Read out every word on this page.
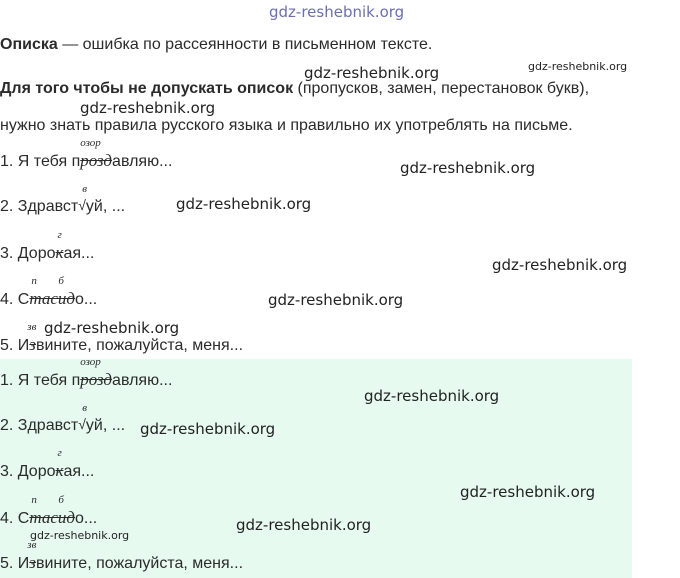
gdz-reshebnik.org
Описка — ошибка по рассеянности в письменном тексте.
Для того чтобы не допускать описок (пропусков, замен, перестановок букв),
нужно знать правила русского языка и правильно их употреблять на письме.
1. Я тебя п
озор
роздавляю...
2. Здравст
в
√уй, ...
3. Доро
г
кая...
4. С
п б
тасидо...
5. И
зв
звините, пожалуйста, меня...
1. Я тебя п
озор
роздавляю...
2. Здравст
в
√уй, ...
3. Доро
г
кая...
4. С
п б
тасидо...
5. И
зв
звините, пожалуйста, меня...
gdz-reshebnik.org	gdz-reshebnik.org
gdz-reshebnik.org
gdz-reshebnik.org
gdz-reshebnik.org
gdz-reshebnik.org
gdz-reshebnik.org
gdz-reshebnik.org
gdz-reshebnik.org
gdz-reshebnik.org
gdz-reshebnik.org
gdz-reshebnik.org
gdz-reshebnik.org
